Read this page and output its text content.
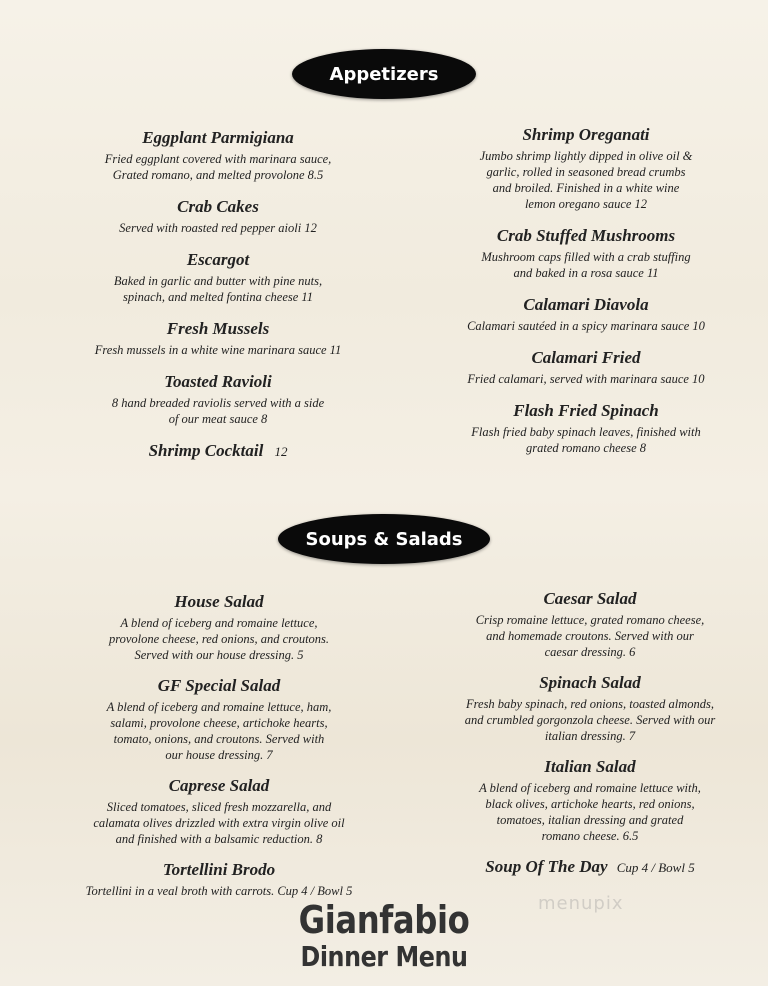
Appetizers
Eggplant Parmigiana
Fried eggplant covered with marinara sauce,
Grated romano, and melted provolone 8.5
Crab Cakes
Served with roasted red pepper aioli 12
Escargot
Baked in garlic and butter with pine nuts,
spinach, and melted fontina cheese 11
Fresh Mussels
Fresh mussels in a white wine marinara sauce 11
Toasted Ravioli
8 hand breaded raviolis served with a side
of our meat sauce 8
Shrimp Cocktail 12
Shrimp Oreganati
Jumbo shrimp lightly dipped in olive oil &
garlic, rolled in seasoned bread crumbs
and broiled. Finished in a white wine
lemon oregano sauce 12
Crab Stuffed Mushrooms
Mushroom caps filled with a crab stuffing
and baked in a rosa sauce 11
Calamari Diavola
Calamari sautéed in a spicy marinara sauce 10
Calamari Fried
Fried calamari, served with marinara sauce 10
Flash Fried Spinach
Flash fried baby spinach leaves, finished with
grated romano cheese 8
Soups & Salads
House Salad
A blend of iceberg and romaine lettuce,
provolone cheese, red onions, and croutons.
Served with our house dressing. 5
GF Special Salad
A blend of iceberg and romaine lettuce, ham,
salami, provolone cheese, artichoke hearts,
tomato, onions, and croutons. Served with
our house dressing. 7
Caprese Salad
Sliced tomatoes, sliced fresh mozzarella, and
calamata olives drizzled with extra virgin olive oil
and finished with a balsamic reduction. 8
Tortellini Brodo
Tortellini in a veal broth with carrots. Cup 4 / Bowl 5
Caesar Salad
Crisp romaine lettuce, grated romano cheese,
and homemade croutons. Served with our
caesar dressing. 6
Spinach Salad
Fresh baby spinach, red onions, toasted almonds,
and crumbled gorgonzola cheese. Served with our
italian dressing. 7
Italian Salad
A blend of iceberg and romaine lettuce with,
black olives, artichoke hearts, red onions,
tomatoes, italian dressing and grated
romano cheese. 6.5
Soup Of The Day Cup 4 / Bowl 5
Gianfabio
Dinner Menu
menupix
